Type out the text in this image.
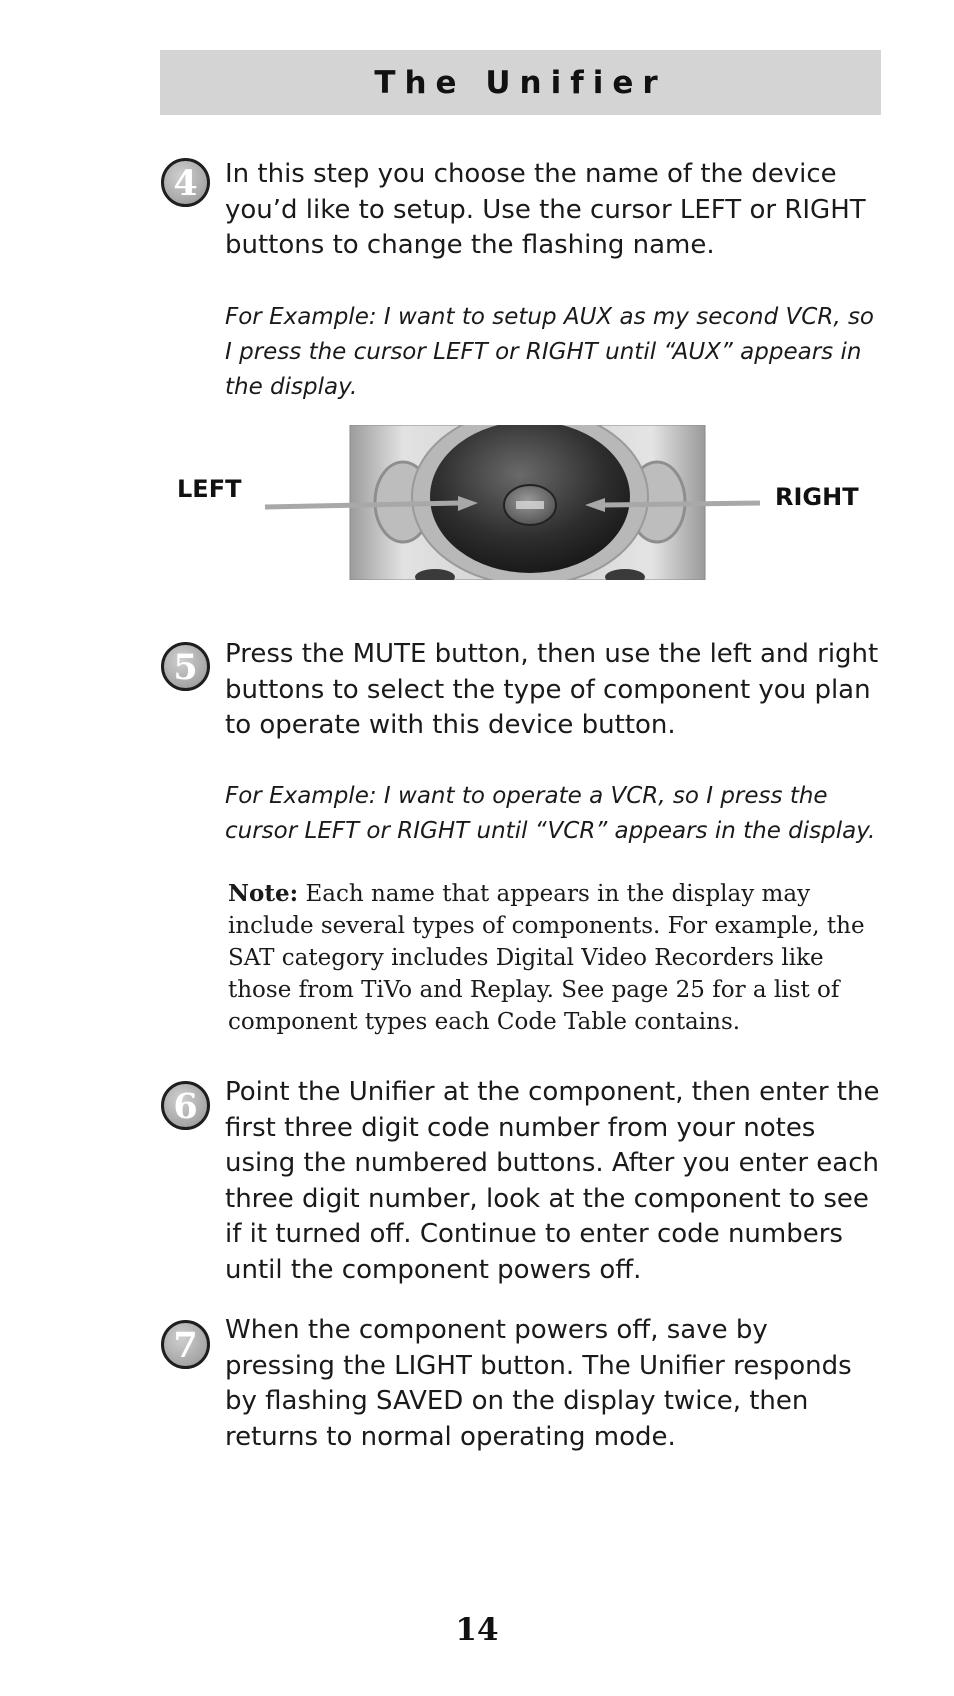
The Unifier
4 In this step you choose the name of the device you’d like to setup. Use the cursor LEFT or RIGHT buttons to change the flashing name.

For Example: I want to setup AUX as my second VCR, so I press the cursor LEFT or RIGHT until “AUX” appears in the display.

LEFT	RIGHT
5 Press the MUTE button, then use the left and right buttons to select the type of component you plan to operate with this device button.

For Example: I want to operate a VCR, so I press the cursor LEFT or RIGHT until “VCR” appears in the display.

Note: Each name that appears in the display may include several types of components. For example, the SAT category includes Digital Video Recorders like those from TiVo and Replay. See page 25 for a list of component types each Code Table contains.

6 Point the Unifier at the component, then enter the first three digit code number from your notes using the numbered buttons. After you enter each three digit number, look at the component to see if it turned off. Continue to enter code numbers until the component powers off.

7 When the component powers off, save by pressing the LIGHT button. The Unifier responds by flashing SAVED on the display twice, then returns to normal operating mode.

14
